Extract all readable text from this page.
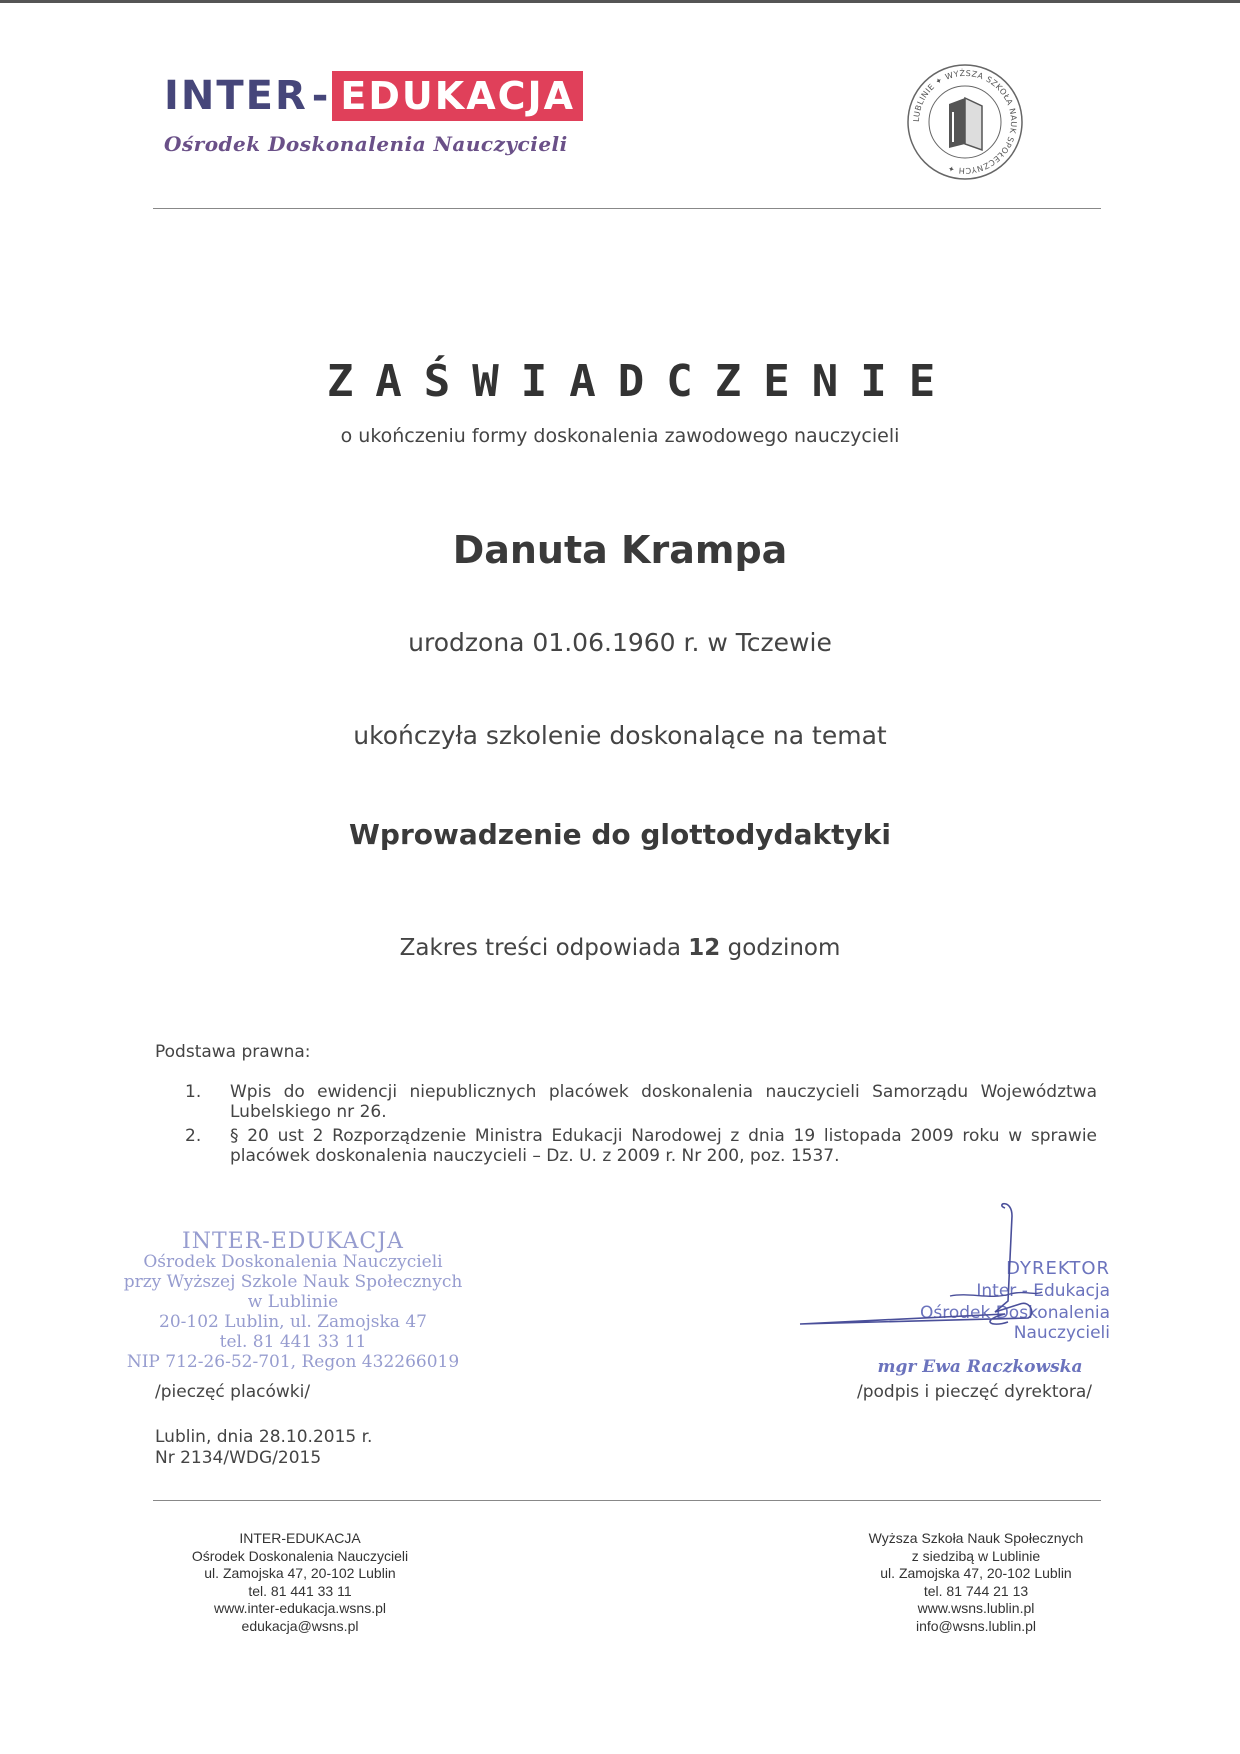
INTER - EDUKACJA
Ośrodek Doskonalenia Nauczycieli
LUBLINIE ✦ WYŻSZA SZKOŁA NAUK SPOŁECZNYCH ✦
ZAŚWIADCZENIE
o ukończeniu formy doskonalenia zawodowego nauczycieli
Danuta Krampa
urodzona 01.06.1960 r. w Tczewie
ukończyła szkolenie doskonalące na temat
Wprowadzenie do glottodydaktyki
Zakres treści odpowiada 12 godzinom
Podstawa prawna:
1.	Wpis do ewidencji niepublicznych placówek doskonalenia nauczycieli Samorządu Województwa Lubelskiego nr 26.
2.	§ 20 ust 2 Rozporządzenie Ministra Edukacji Narodowej z dnia 19 listopada 2009 roku w sprawie placówek doskonalenia nauczycieli – Dz. U. z 2009 r. Nr 200, poz. 1537.
INTER-EDUKACJA
Ośrodek Doskonalenia Nauczycieli
przy Wyższej Szkole Nauk Społecznych
w Lublinie
20-102 Lublin, ul. Zamojska 47
tel. 81 441 33 11
NIP 712-26-52-701, Regon 432266019
/pieczęć placówki/
DYREKTOR
Inter - Edukacja
Ośrodek Doskonalenia Nauczycieli
mgr Ewa Raczkowska
/podpis i pieczęć dyrektora/
Lublin, dnia 28.10.2015 r.
Nr 2134/WDG/2015
INTER-EDUKACJA
Ośrodek Doskonalenia Nauczycieli
ul. Zamojska 47, 20-102 Lublin
tel. 81 441 33 11
www.inter-edukacja.wsns.pl
edukacja@wsns.pl
Wyższa Szkoła Nauk Społecznych
z siedzibą w Lublinie
ul. Zamojska 47, 20-102 Lublin
tel. 81 744 21 13
www.wsns.lublin.pl
info@wsns.lublin.pl
